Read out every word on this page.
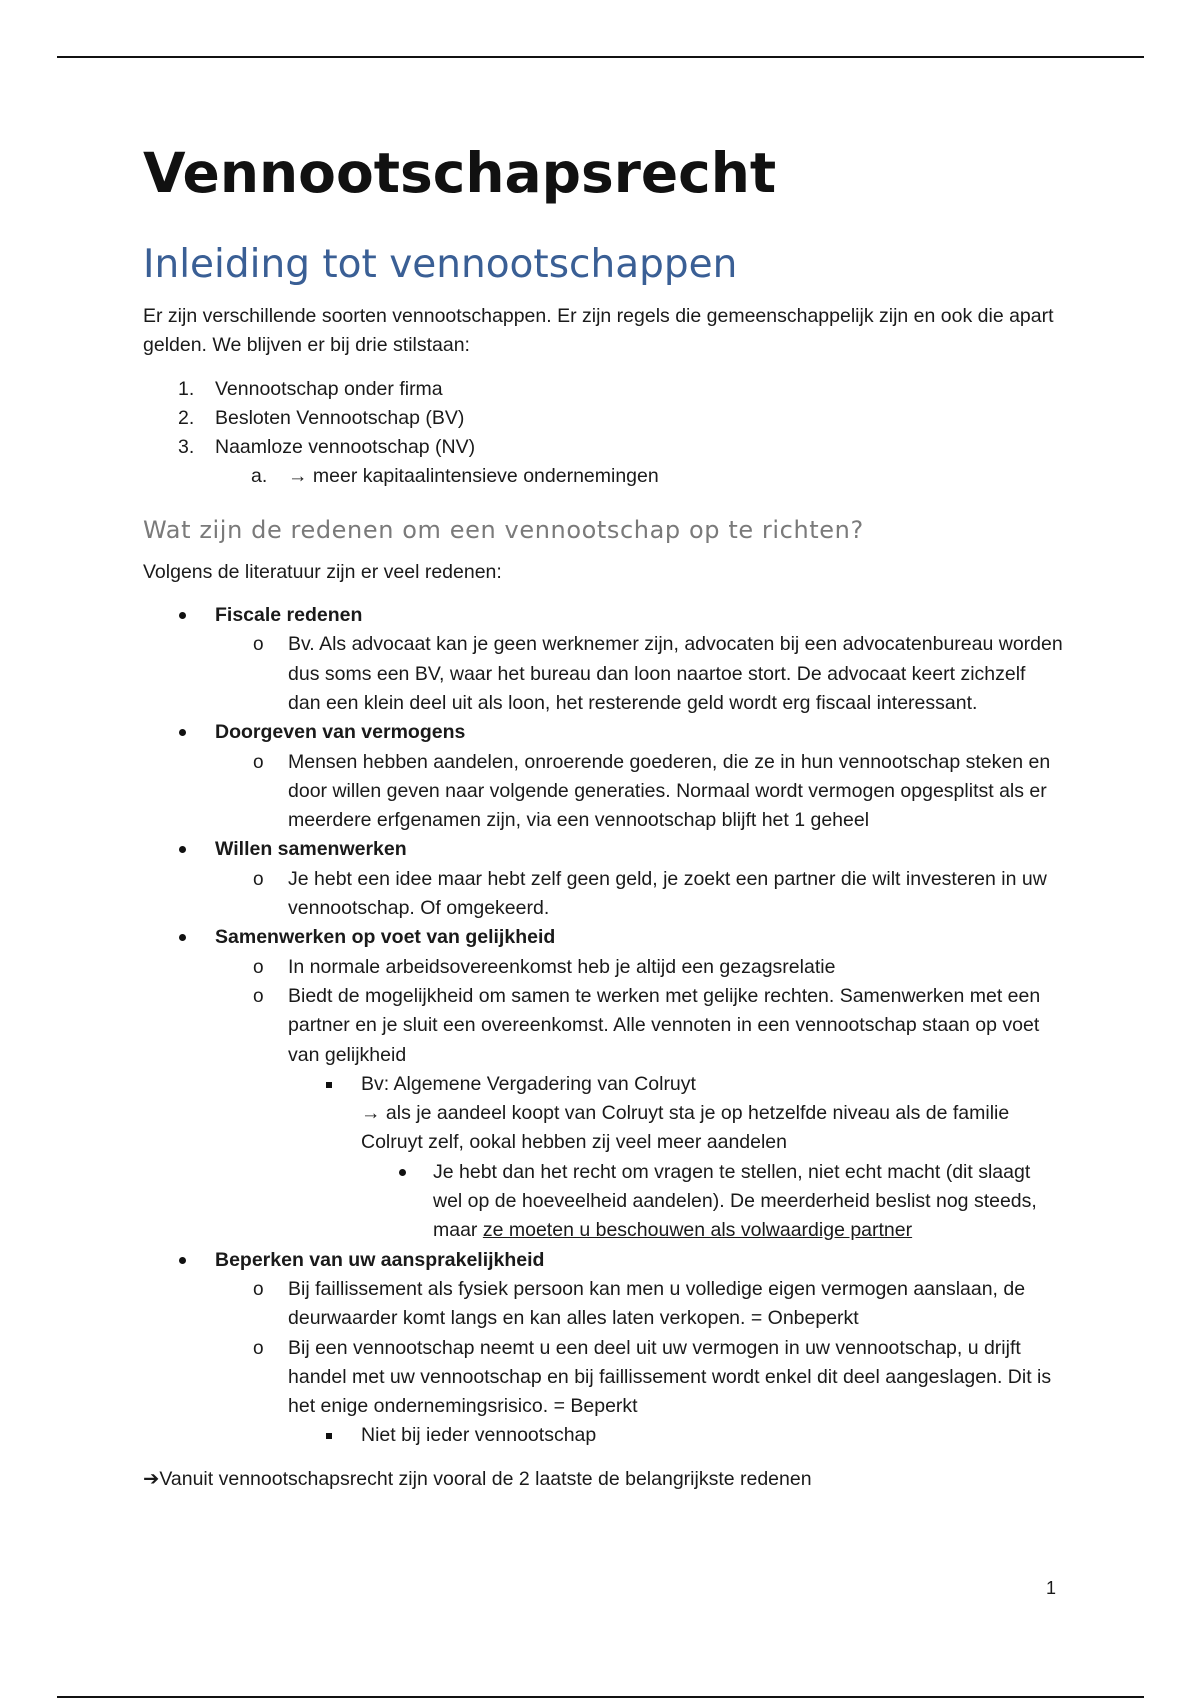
Vennootschapsrecht
Inleiding tot vennootschappen

Er zijn verschillende soorten vennootschappen. Er zijn regels die gemeenschappelijk zijn en ook die apart gelden. We blijven er bij drie stilstaan:

1. Vennootschap onder firma
2. Besloten Vennootschap (BV)
3. Naamloze vennootschap (NV)
a. → meer kapitaalintensieve ondernemingen
Wat zijn de redenen om een vennootschap op te richten?

Volgens de literatuur zijn er veel redenen:

Fiscale redenen
o Bv. Als advocaat kan je geen werknemer zijn, advocaten bij een advocatenbureau worden dus soms een BV, waar het bureau dan loon naartoe stort. De advocaat keert zichzelf dan een klein deel uit als loon, het resterende geld wordt erg fiscaal interessant.
Doorgeven van vermogens
o Mensen hebben aandelen, onroerende goederen, die ze in hun vennootschap steken en door willen geven naar volgende generaties. Normaal wordt vermogen opgesplitst als er meerdere erfgenamen zijn, via een vennootschap blijft het 1 geheel
Willen samenwerken
o Je hebt een idee maar hebt zelf geen geld, je zoekt een partner die wilt investeren in uw vennootschap. Of omgekeerd.
Samenwerken op voet van gelijkheid
o In normale arbeidsovereenkomst heb je altijd een gezagsrelatie
o Biedt de mogelijkheid om samen te werken met gelijke rechten. Samenwerken met een partner en je sluit een overeenkomst. Alle vennoten in een vennootschap staan op voet van gelijkheid
Bv: Algemene Vergadering van Colruyt
→ als je aandeel koopt van Colruyt sta je op hetzelfde niveau als de familie Colruyt zelf, ookal hebben zij veel meer aandelen
Je hebt dan het recht om vragen te stellen, niet echt macht (dit slaagt wel op de hoeveelheid aandelen). De meerderheid beslist nog steeds, maar ze moeten u beschouwen als volwaardige partner
Beperken van uw aansprakelijkheid
o Bij faillissement als fysiek persoon kan men u volledige eigen vermogen aanslaan, de deurwaarder komt langs en kan alles laten verkopen. = Onbeperkt
o Bij een vennootschap neemt u een deel uit uw vermogen in uw vennootschap, u drijft handel met uw vennootschap en bij faillissement wordt enkel dit deel aangeslagen. Dit is het enige ondernemingsrisico. = Beperkt
Niet bij ieder vennootschap

➔Vanuit vennootschapsrecht zijn vooral de 2 laatste de belangrijkste redenen

1
